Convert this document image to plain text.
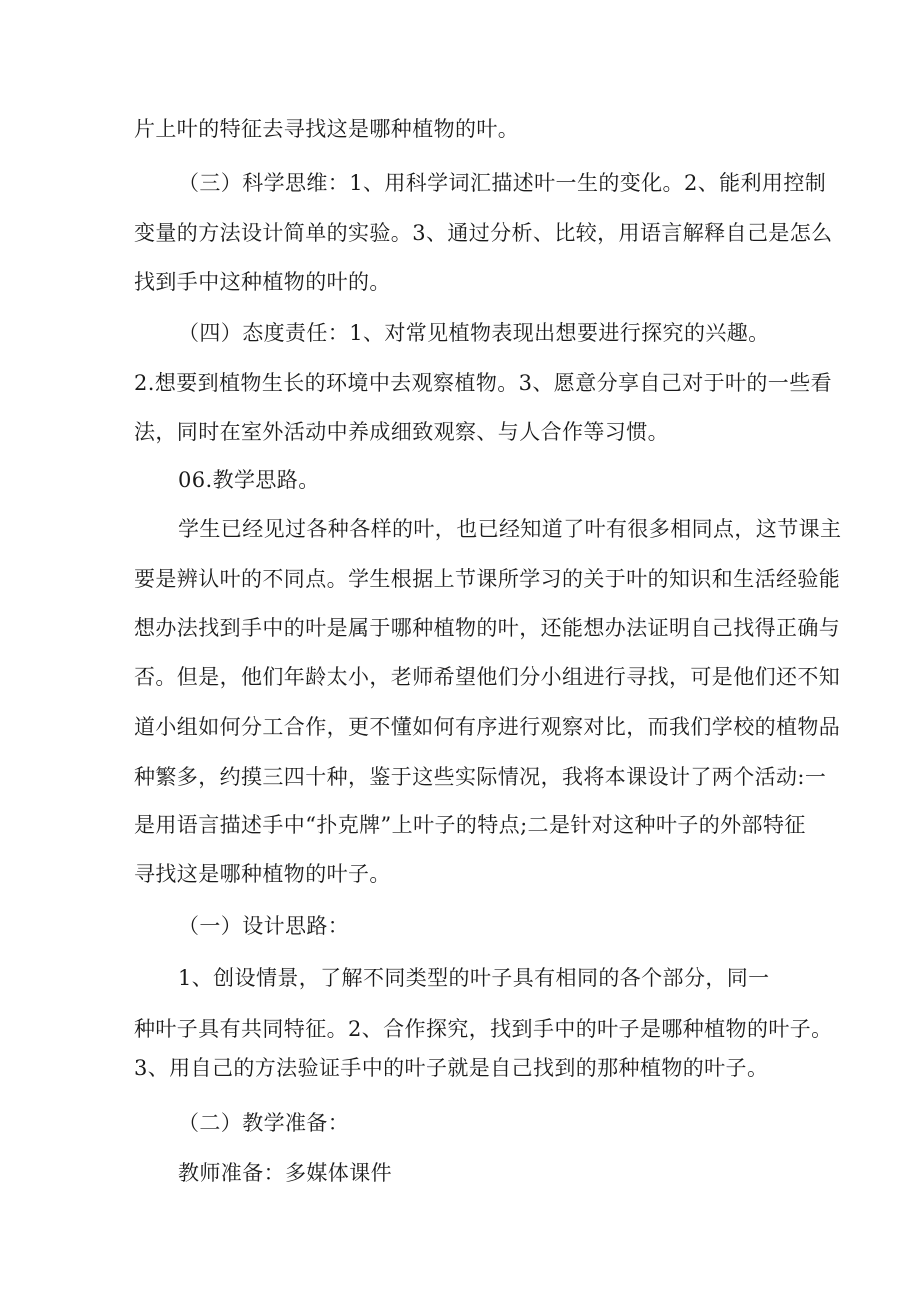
片上叶的特征去寻找这是哪种植物的叶。
（三）科学思维：1、用科学词汇描述叶一生的变化。2、能利用控制
变量的方法设计简单的实验。3、通过分析、比较，用语言解释自己是怎么
找到手中这种植物的叶的。
（四）态度责任：1、对常见植物表现出想要进行探究的兴趣。
2.想要到植物生长的环境中去观察植物。3、愿意分享自己对于叶的一些看
法，同时在室外活动中养成细致观察、与人合作等习惯。
06.教学思路。
学生已经见过各种各样的叶，也已经知道了叶有很多相同点，这节课主
要是辨认叶的不同点。学生根据上节课所学习的关于叶的知识和生活经验能
想办法找到手中的叶是属于哪种植物的叶，还能想办法证明自己找得正确与
否。但是，他们年龄太小，老师希望他们分小组进行寻找，可是他们还不知
道小组如何分工合作，更不懂如何有序进行观察对比，而我们学校的植物品
种繁多，约摸三四十种，鉴于这些实际情况，我将本课设计了两个活动:一
是用语言描述手中“扑克牌”上叶子的特点;二是针对这种叶子的外部特征
寻找这是哪种植物的叶子。
（一）设计思路：
1、创设情景，了解不同类型的叶子具有相同的各个部分，同一
种叶子具有共同特征。2、合作探究，找到手中的叶子是哪种植物的叶子。
3、用自己的方法验证手中的叶子就是自己找到的那种植物的叶子。
（二）教学准备：
教师准备：多媒体课件
